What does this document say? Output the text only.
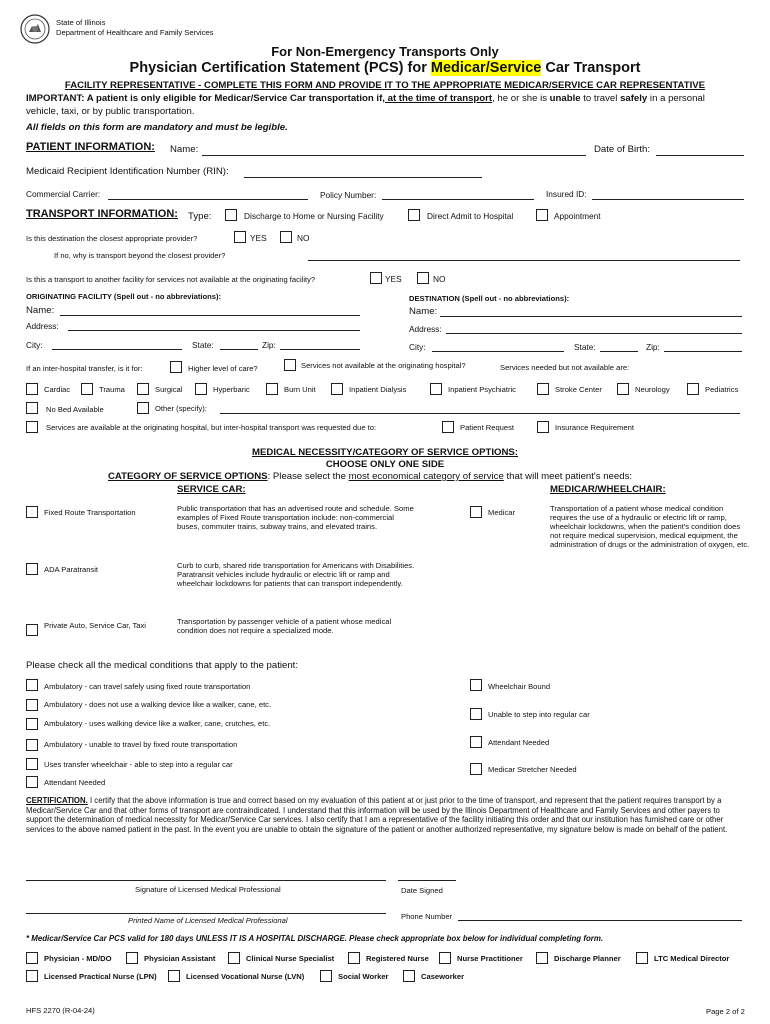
State of Illinois
Department of Healthcare and Family Services
For Non-Emergency Transports Only
Physician Certification Statement (PCS) for Medicar/Service Car Transport
FACILITY REPRESENTATIVE - COMPLETE THIS FORM AND PROVIDE IT TO THE APPROPRIATE MEDICAR/SERVICE CAR REPRESENTATIVE
IMPORTANT: A patient is only eligible for Medicar/Service Car transportation if, at the time of transport, he or she is unable to travel safely in a personal
vehicle, taxi, or by public transportation.
All fields on this form are mandatory and must be legible.
PATIENT INFORMATION: Name:	Date of Birth:
Medicaid Recipient Identification Number (RIN):
Commercial Carrier:	Policy Number:	Insured ID:
TRANSPORT INFORMATION: Type:	Discharge to Home or Nursing Facility	Direct Admit to Hospital	Appointment
Is this destination the closest appropriate provider?	YES	NO
If no, why is transport beyond the closest provider?
Is this a transport to another facility for services not available at the originating facility?	YES	NO
ORIGINATING FACILITY (Spell out - no abbreviations):	DESTINATION (Spell out - no abbreviations):
Name:	Name:
Address:	Address:
City:	State:	Zip:	City:	State:	Zip:
If an inter-hospital transfer, is it for:	Higher level of care?	Services not available at the originating hospital?	Services needed but not available are:
Cardiac	Trauma	Surgical	Hyperbaric	Burn Unit	Inpatient Dialysis	Inpatient Psychiatric	Stroke Center	Neurology	Pediatrics
No Bed Available	Other (specify):
Services are available at the originating hospital, but inter-hospital transport was requested due to:	Patient Request	Insurance Requirement
MEDICAL NECESSITY/CATEGORY OF SERVICE OPTIONS:
CHOOSE ONLY ONE SIDE
CATEGORY OF SERVICE OPTIONS: Please select the most economical category of service that will meet patient's needs:
SERVICE CAR:	MEDICAR/WHEELCHAIR:
Fixed Route Transportation	Public transportation that has an advertised route and schedule. Some examples of Fixed Route transportation include: non-commercial buses, commuter trains, subway trains, and elevated trains.
ADA Paratransit	Curb to curb, shared ride transportation for Americans with Disabilities. Paratransit vehicles include hydraulic or electric lift or ramp and wheelchair lockdowns for patients that can transport independently.
Private Auto, Service Car, Taxi	Transportation by passenger vehicle of a patient whose medical condition does not require a specialized mode.
Medicar	Transportation of a patient whose medical condition requires the use of a hydraulic or electric lift or ramp, wheelchair lockdowns, when the patient's condition does not require medical supervision, medical equipment, the administration of drugs or the administration of oxygen, etc.
Please check all the medical conditions that apply to the patient:
Ambulatory - can travel safely using fixed route transportation
Ambulatory - does not use a walking device like a walker, cane, etc.
Ambulatory - uses walking device like a walker, cane, crutches, etc.
Ambulatory - unable to travel by fixed route transportation
Uses transfer wheelchair - able to step into a regular car
Attendant Needed
Wheelchair Bound
Unable to step into regular car
Attendant Needed
Medicar Stretcher Needed
CERTIFICATION. I certify that the above information is true and correct based on my evaluation of this patient at or just prior to the time of transport, and represent that the patient requires transport by a Medicar/Service Car and that other forms of transport are contraindicated. I understand that this information will be used by the Illinois Department of Healthcare and Family Services and other payers to support the determination of medical necessity for Medicar/Service Car services. I also certify that I am a representative of the facility initiating this order and that our institution has furnished care or other services to the above named patient in the past. In the event you are unable to obtain the signature of the patient or another authorized representative, my signature below is made on behalf of the patient.
Signature of Licensed Medical Professional	Date Signed
Printed Name of Licensed Medical Professional	Phone Number
* Medicar/Service Car PCS valid for 180 days UNLESS IT IS A HOSPITAL DISCHARGE. Please check appropriate box below for individual completing form.
Physician - MD/DO	Physician Assistant	Clinical Nurse Specialist	Registered Nurse	Nurse Practitioner	Discharge Planner	LTC Medical Director
Licensed Practical Nurse (LPN)	Licensed Vocational Nurse (LVN)	Social Worker	Caseworker
HFS 2270 (R-04-24)	Page 2 of 2
